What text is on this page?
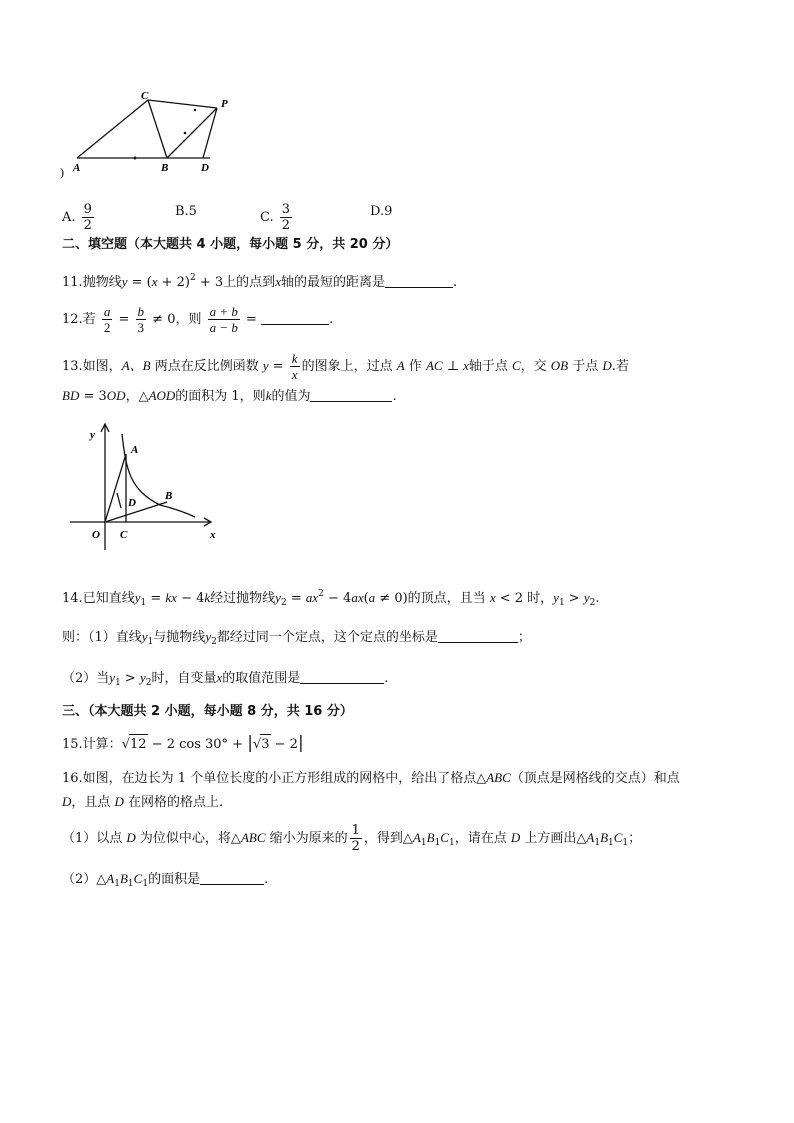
C
P
A	B	D
)
A. $\frac{9}{2}$	B.5	C. $\frac{3}{2}$	D.9
二、填空题（本大题共 4 小题，每小题 5 分，共 20 分）
11.抛物线$y = (x + 2)^2 + 3$上的点到x轴的最短的距离是	.
12.若 $\frac{a}{2} = \frac{b}{3} \ne 0$，则 $\frac{a + b}{a - b}$ =	.
13.如图，A、B 两点在反比例函数 $y = \frac{k}{x}$ 的图象上，过点 A 作 AC ⊥ x轴于点 C，交 OB 于点 D.若
BD = 3OD，△AOD的面积为 1，则k的值为	.
y
A
B
D
O C	x
14.已知直线$y_1$ = kx − 4k经过抛物线$y_2 = ax^2 - 4ax(a \ne 0)$的顶点，且当 x < 2 时，$y_1 > y_2$.
则：（1）直线$y_1$与抛物线$y_2$都经过同一个定点，这个定点的坐标是	；
（2）当$y_1 > y_2$时，自变量x的取值范围是	.
三、（本大题共 2 小题，每小题 8 分，共 16 分）
15.计算：√12 − 2 cos 30° + |√3 − 2|
16.如图，在边长为 1 个单位长度的小正方形组成的网格中，给出了格点△ABC（顶点是网格线的交点）和点
D，且点 D 在网格的格点上.
（1）以点 D 为位似中心，将△ABC 缩小为原来的 $\frac{1}{2}$ ，得到$\triangle A_1B_1C_1$，请在点 D 上方画出$\triangle A_1B_1C_1$；
$(2)\triangle A_1B_1C_1$的面积是	.
